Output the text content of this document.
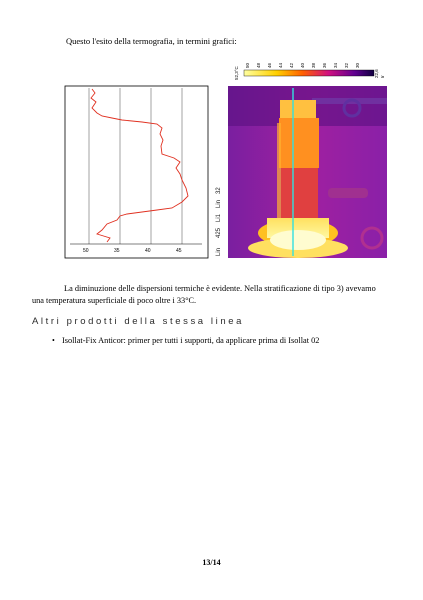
Questo l'esito della termografia, in termini grafici:

50	35	40	45	Lin
425
Li1
Lin
32
52,3°C
50 48 46 44 42 40 38 36 34 32 30
22,6 Ir

La diminuzione delle dispersioni termiche è evidente. Nella stratificazione di tipo 3) avevamo una temperatura superficiale di poco oltre i 33°C.

Altri prodotti della stessa linea
• Isollat-Fix Anticor: primer per tutti i supporti, da applicare prima di Isollat 02

13/14
